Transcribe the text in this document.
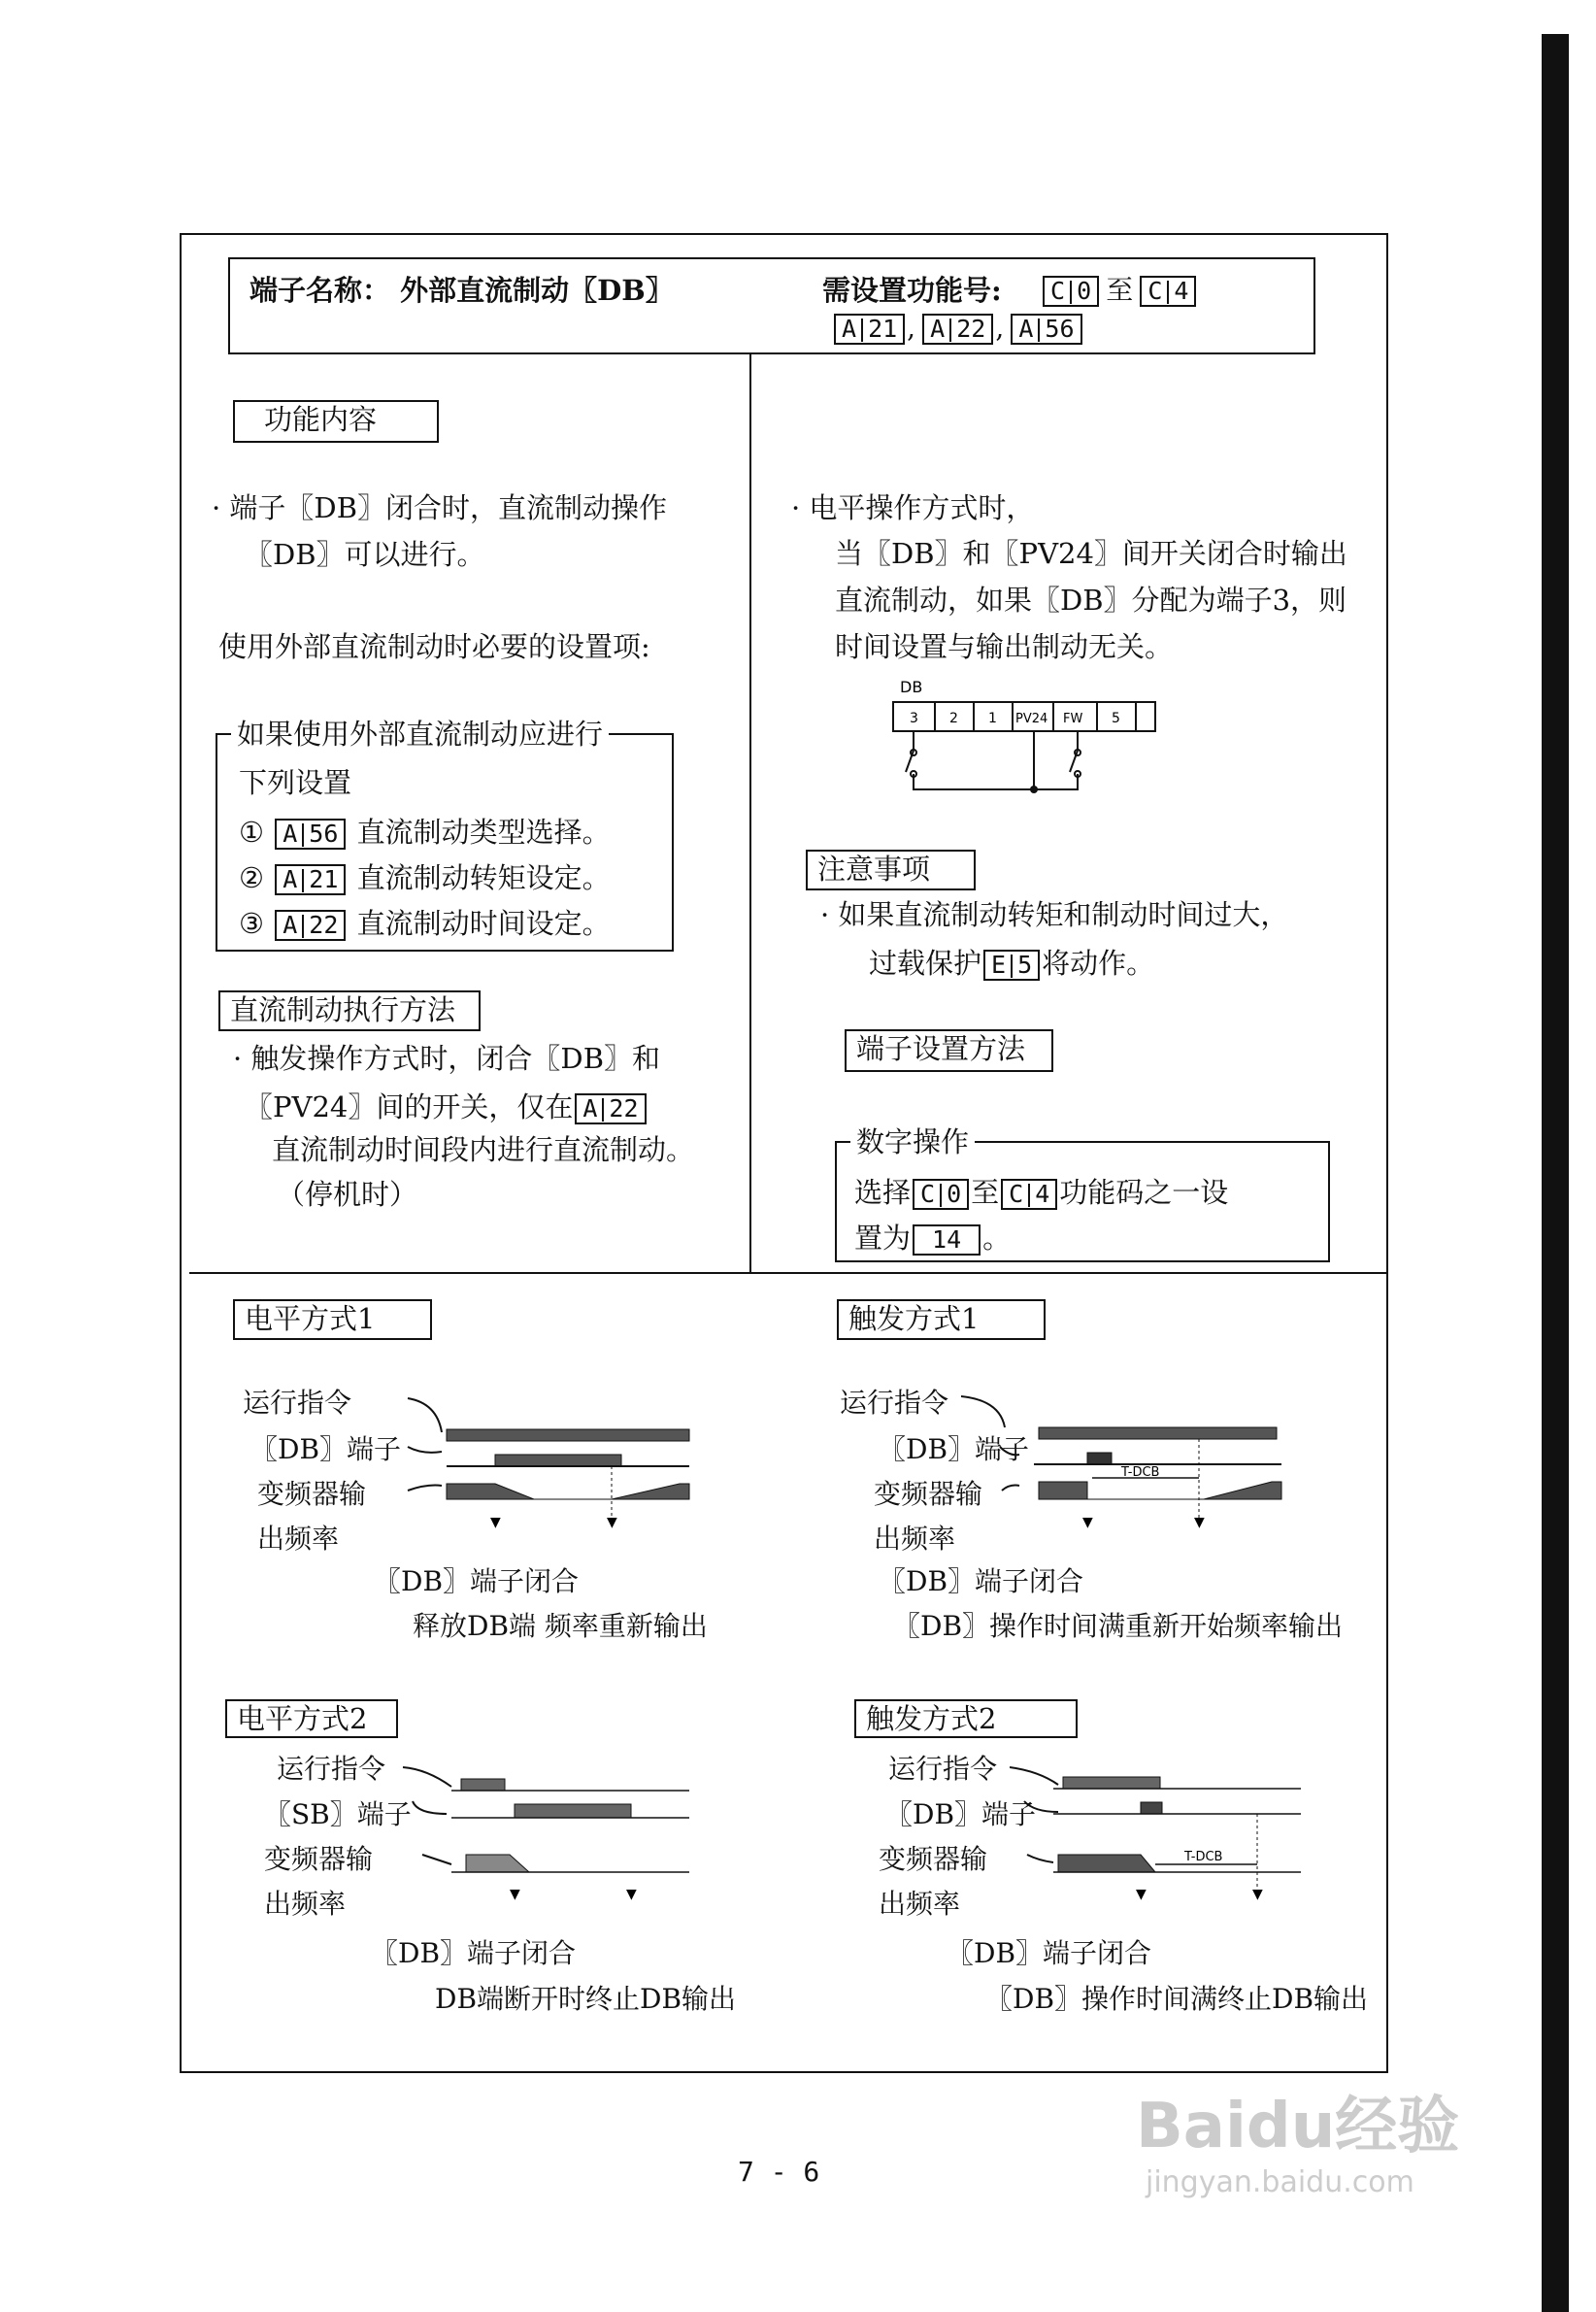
端子名称： 外部直流制动〖DB〗	需设置功能号:	C 0 至 C 4
A 21 , A 22 , A 56
功能内容
· 端子〖DB〗闭合时，直流制动操作
〖DB〗可以进行。
使用外部直流制动时必要的设置项:
如果使用外部直流制动应进行
下列设置
① A 56 直流制动类型选择。
② A 21 直流制动转矩设定。
③ A 22 直流制动时间设定。
直流制动执行方法
· 触发操作方式时，闭合〖DB〗和
〖PV24〗间的开关，仅在 A 22
直流制动时间段内进行直流制动。
（停机时）
· 电平操作方式时，
当〖DB〗和〖PV24〗间开关闭合时输出
直流制动，如果〖DB〗分配为端子3，则
时间设置与输出制动无关。
DB
3 2 1 PV24 FW 5
注意事项
· 如果直流制动转矩和制动时间过大，
过载保护 E 5 将动作。
端子设置方法
数字操作
选择 C 0 至 C 4 功能码之一设
置为 14 。
电平方式1
运行指令
〖DB〗端子
变频器输
出频率	▼	▼
〖DB〗端子闭合
释放DB端 频率重新输出
触发方式1
运行指令
〖DB〗端子
变频器输
出频率
T-DCB
▼	▼
〖DB〗端子闭合
〖DB〗操作时间满重新开始频率输出
电平方式2
运行指令
〖SB〗端子
变频器输
出频率	▼	▼
〖DB〗端子闭合
DB端断开时终止DB输出
触发方式2
运行指令
〖DB〗端子
变频器输
出频率
T-DCB
▼	▼
〖DB〗端子闭合
〖DB〗操作时间满终止DB输出
7 - 6
Baidu经验
jingyan.baidu.com
